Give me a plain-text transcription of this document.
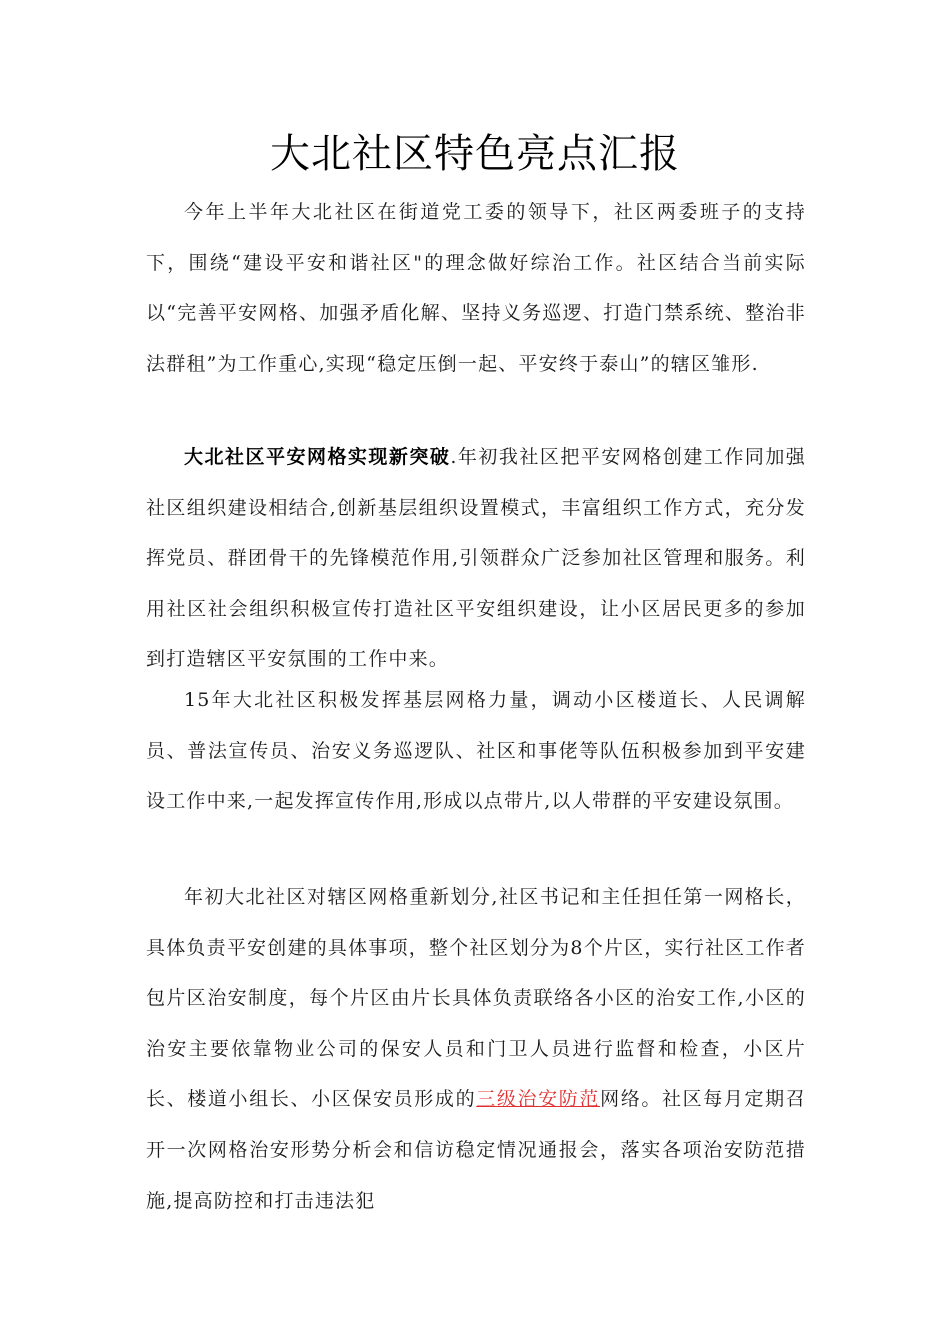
大北社区特色亮点汇报

今年上半年大北社区在街道党工委的领导下，社区两委班子的支持下，围绕“建设平安和谐社区"的理念做好综治工作。社区结合当前实际以“完善平安网格、加强矛盾化解、坚持义务巡逻、打造门禁系统、整治非法群租”为工作重心,实现“稳定压倒一起、平安终于泰山”的辖区雏形.

大北社区平安网格实现新突破.年初我社区把平安网格创建工作同加强社区组织建设相结合,创新基层组织设置模式，丰富组织工作方式，充分发挥党员、群团骨干的先锋模范作用,引领群众广泛参加社区管理和服务。利用社区社会组织积极宣传打造社区平安组织建设，让小区居民更多的参加到打造辖区平安氛围的工作中来。

15年大北社区积极发挥基层网格力量，调动小区楼道长、人民调解员、普法宣传员、治安义务巡逻队、社区和事佬等队伍积极参加到平安建设工作中来,一起发挥宣传作用,形成以点带片,以人带群的平安建设氛围。

年初大北社区对辖区网格重新划分,社区书记和主任担任第一网格长，具体负责平安创建的具体事项，整个社区划分为8个片区，实行社区工作者包片区治安制度，每个片区由片长具体负责联络各小区的治安工作,小区的治安主要依靠物业公司的保安人员和门卫人员进行监督和检查，小区片长、楼道小组长、小区保安员形成的三级治安防范网络。社区每月定期召开一次网格治安形势分析会和信访稳定情况通报会，落实各项治安防范措施,提高防控和打击违法犯
